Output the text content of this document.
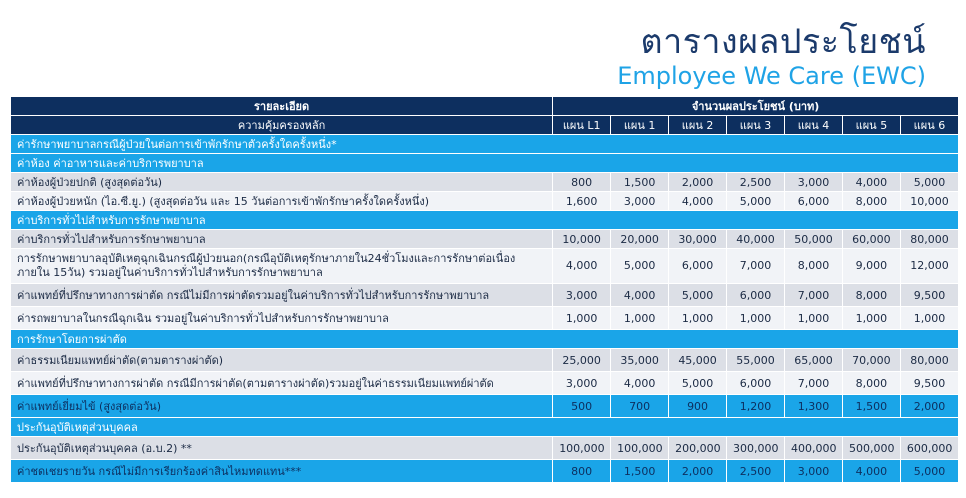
ตารางผลประโยชน์
Employee We Care (EWC)
รายละเอียด	จำนวนผลประโยชน์ (บาท)						
ความคุ้มครองหลัก	แผน L1	แผน 1	แผน 2	แผน 3	แผน 4	แผน 5	แผน 6
ค่ารักษาพยาบาลกรณีผู้ป่วยในต่อการเข้าพักรักษาตัวครั้งใดครั้งหนึ่ง*							
ค่าห้อง ค่าอาหารและค่าบริการพยาบาล							
ค่าห้องผู้ป่วยปกติ (สูงสุดต่อวัน)	800	1,500	2,000	2,500	3,000	4,000	5,000
ค่าห้องผู้ป่วยหนัก (ไอ.ซี.ยู.) (สูงสุดต่อวัน และ 15 วันต่อการเข้าพักรักษาครั้งใดครั้งหนึ่ง)	1,600	3,000	4,000	5,000	6,000	8,000	10,000
ค่าบริการทั่วไปสำหรับการรักษาพยาบาล							
ค่าบริการทั่วไปสำหรับการรักษาพยาบาล	10,000	20,000	30,000	40,000	50,000	60,000	80,000
การรักษาพยาบาลอุบัติเหตุฉุกเฉินกรณีผู้ป่วยนอก(กรณีอุบัติเหตุรักษาภายใน24ชั่วโมงและการรักษาต่อเนื่องภายใน 15วัน) รวมอยู่ในค่าบริการทั่วไปสำหรับการรักษาพยาบาล	4,000	5,000	6,000	7,000	8,000	9,000	12,000
ค่าแพทย์ที่ปรึกษาทางการผ่าตัด กรณีไม่มีการผ่าตัดรวมอยู่ในค่าบริการทั่วไปสำหรับการรักษาพยาบาล	3,000	4,000	5,000	6,000	7,000	8,000	9,500
ค่ารถพยาบาลในกรณีฉุกเฉิน รวมอยู่ในค่าบริการทั่วไปสำหรับการรักษาพยาบาล	1,000	1,000	1,000	1,000	1,000	1,000	1,000
การรักษาโดยการผ่าตัด							
ค่าธรรมเนียมแพทย์ผ่าตัด(ตามตารางผ่าตัด)	25,000	35,000	45,000	55,000	65,000	70,000	80,000
ค่าแพทย์ที่ปรึกษาทางการผ่าตัด กรณีมีการผ่าตัด(ตามตารางผ่าตัด)รวมอยู่ในค่าธรรมเนียมแพทย์ผ่าตัด	3,000	4,000	5,000	6,000	7,000	8,000	9,500
ค่าแพทย์เยี่ยมไข้ (สูงสุดต่อวัน)	500	700	900	1,200	1,300	1,500	2,000
ประกันอุบัติเหตุส่วนบุคคล							
ประกันอุบัติเหตุส่วนบุคคล (อ.บ.2) **	100,000	100,000	200,000	300,000	400,000	500,000	600,000
ค่าชดเชยรายวัน กรณีไม่มีการเรียกร้องค่าสินไหมทดแทน***	800	1,500	2,000	2,500	3,000	4,000	5,000
